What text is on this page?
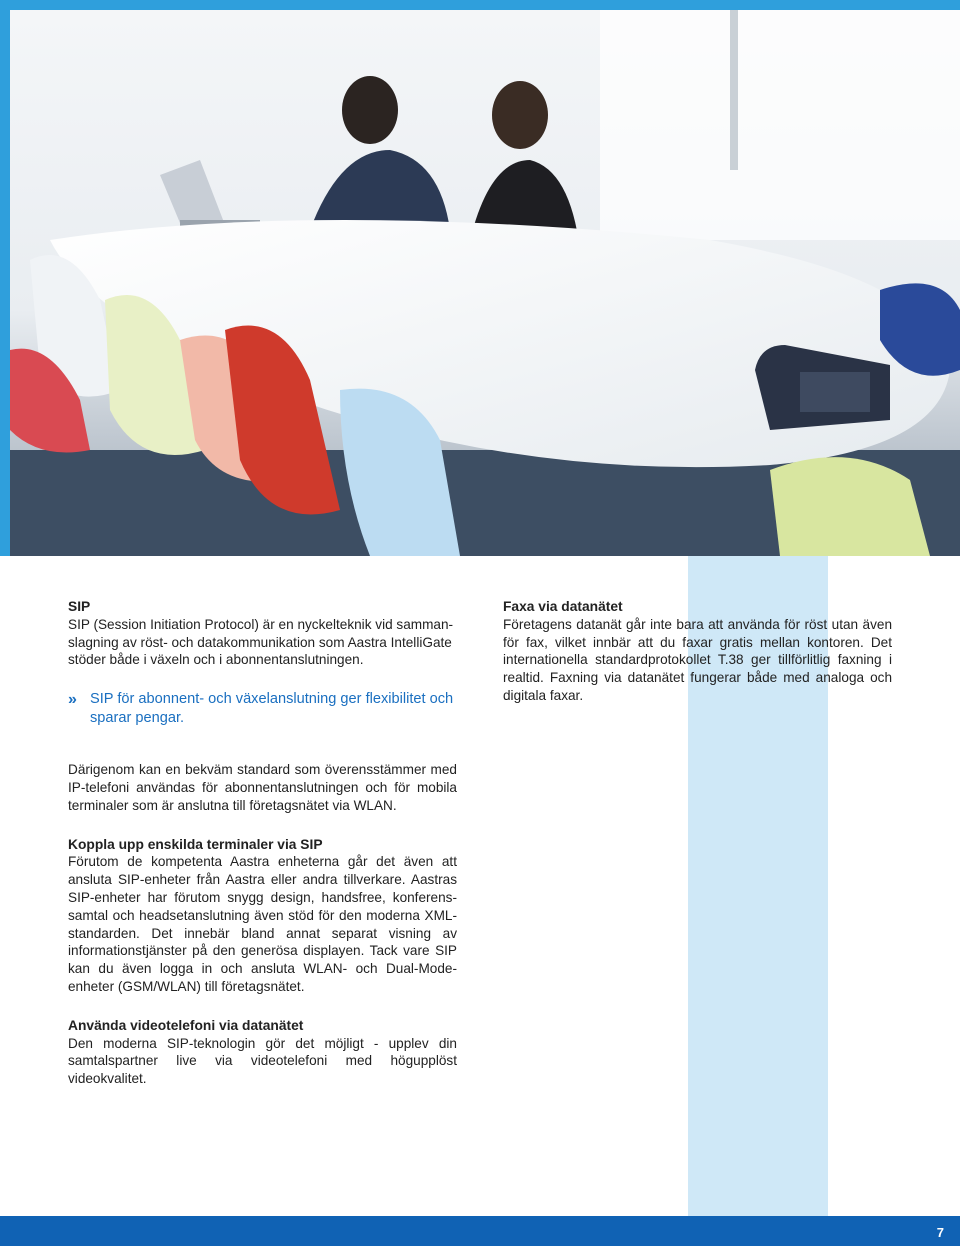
SIP

SIP (Session Initiation Protocol) är en nyckelteknik vid samman-slagning av röst- och datakommunikation som Aastra IntelliGate stöder både i växeln och i abonnentanslutningen.

» SIP för abonnent- och växelanslutning ger flexibilitet och sparar pengar.

Därigenom kan en bekväm standard som överensstämmer med IP-telefoni användas för abonnentanslutningen och för mobila terminaler som är anslutna till företagsnätet via WLAN.

Koppla upp enskilda terminaler via SIP

Förutom de kompetenta Aastra enheterna går det även att ansluta SIP-enheter från Aastra eller andra tillverkare. Aastras SIP-enheter har förutom snygg design, handsfree, konferens-samtal och headsetanslutning även stöd för den moderna XML-standarden. Det innebär bland annat separat visning av informationstjänster på den generösa displayen. Tack vare SIP kan du även logga in och ansluta WLAN- och Dual-Mode-enheter (GSM/WLAN) till företagsnätet.

Använda videotelefoni via datanätet

Den moderna SIP-teknologin gör det möjligt - upplev din samtalspartner live via videotelefoni med högupplöst videokvalitet.

Faxa via datanätet

Företagens datanät går inte bara att använda för röst utan även för fax, vilket innbär att du faxar gratis mellan kontoren. Det internationella standardprotokollet T.38 ger tillförlitlig faxning i realtid. Faxning via datanätet fungerar både med analoga och digitala faxar.

7
